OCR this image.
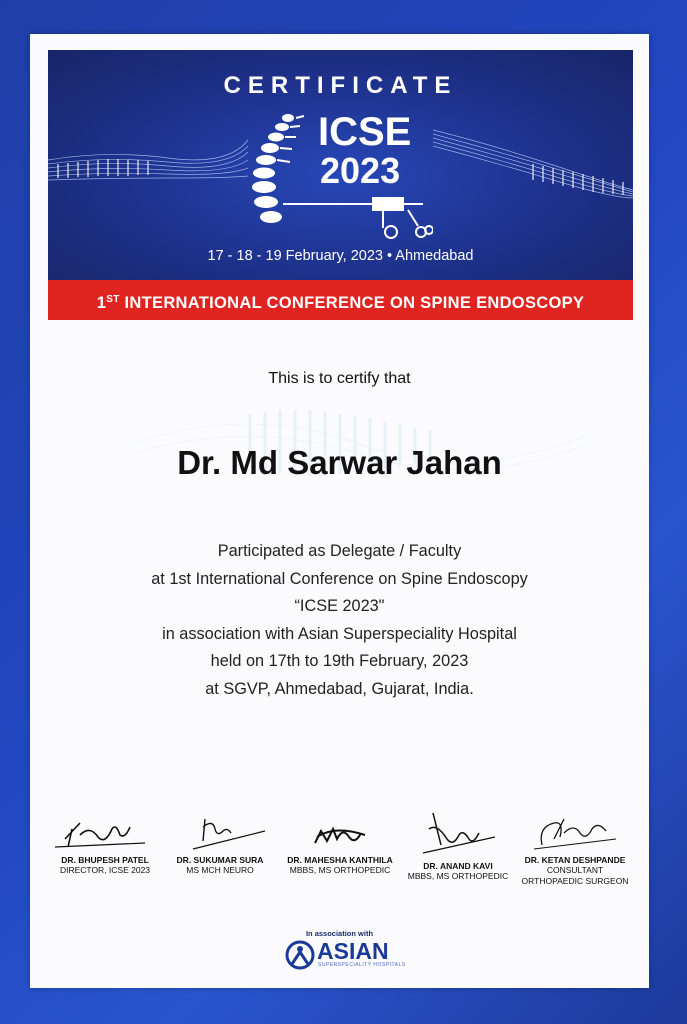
CERTIFICATE
ICSE
2023
17 - 18 - 19 February, 2023 • Ahmedabad
1ST INTERNATIONAL CONFERENCE ON SPINE ENDOSCOPY
This is to certify that
Dr. Md Sarwar Jahan
Participated as Delegate / Faculty
at 1st International Conference on Spine Endoscopy
“ICSE 2023"
in association with Asian Superspeciality Hospital
held on 17th to 19th February, 2023
at SGVP, Ahmedabad, Gujarat, India.
DR. BHUPESH PATEL
DIRECTOR, ICSE 2023
DR. SUKUMAR SURA
MS MCH NEURO
DR. MAHESHA KANTHILA
MBBS, MS ORTHOPEDIC	DR. ANAND KAVI
MBBS, MS ORTHOPEDIC
DR. KETAN DESHPANDE
CONSULTANT
ORTHOPAEDIC SURGEON
In association with
ASIAN
SUPERSPECIALITY HOSPITALS
